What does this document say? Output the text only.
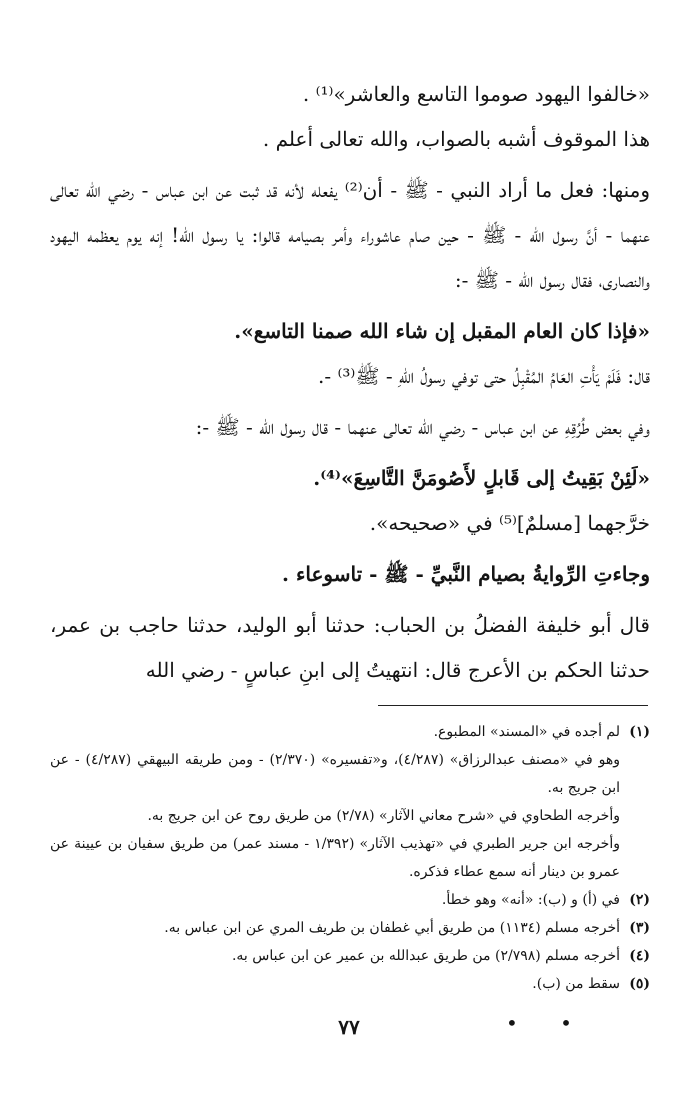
«خالفوا اليهود صوموا التاسع والعاشر»⁽¹⁾ .

هذا الموقوف أشبه بالصواب، والله تعالى أعلم .

ومنها: فعل ما أراد النبي - ﷺ - أن⁽²⁾ يفعله لأنه قد ثبت عن ابن عباس - رضي الله تعالى عنهما - أنَّ رسول الله - ﷺ - حين صام عاشوراء وأمر بصيامه قالوا: يا رسول الله! إنه يوم يعظمه اليهود والنصارى، فقال رسول الله - ﷺ -:

«فإذا كان العام المقبل إن شاء الله صمنا التاسع».

قال: فَلَمْ يَأْتِ العَامُ المُقْبِلُ حتى توفي رسولُ اللّهِ - ﷺ⁽³⁾ -.

وفي بعض طُرُقِهِ عن ابن عباس - رضي الله تعالى عنهما - قال رسول الله - ﷺ -:

«لَئِنْ بَقِيتُ إلى قَابلٍ لأَصُومَنَّ التَّاسِعَ»⁽⁴⁾.

خرَّجهما [مسلمٌ]⁽⁵⁾ في «صحيحه».

وجاءتِ الرِّوايةُ بصيام النَّبيِّ - ﷺ - تاسوعاء .

قال أبو خليفة الفضلُ بن الحباب: حدثنا أبو الوليد، حدثنا حاجب بن عمر، حدثنا الحكم بن الأعرج قال: انتهيتُ إلى ابنِ عباسٍ - رضي الله

(١)
لم أجده في «المسند» المطبوع.
وهو في «مصنف عبدالرزاق» (٤/٢٨٧)، و«تفسيره» (٢/٣٧٠) - ومن طريقه البيهقي (٤/٢٨٧) - عن ابن جريج به.
وأخرجه الطحاوي في «شرح معاني الآثار» (٢/٧٨) من طريق روح عن ابن جريج به.
وأخرجه ابن جرير الطبري في «تهذيب الآثار» (١/٣٩٢ - مسند عمر) من طريق سفيان بن عيينة عن عمرو بن دينار أنه سمع عطاء فذكره.
(٢)
في (أ) و (ب): «أنه» وهو خطأ.
(٣)
أخرجه مسلم (١١٣٤) من طريق أبي غطفان بن طريف المري عن ابن عباس به.
(٤)
أخرجه مسلم (٢/٧٩٨) من طريق عبدالله بن عمير عن ابن عباس به.
(٥)
سقط من (ب).
• •
٧٧
